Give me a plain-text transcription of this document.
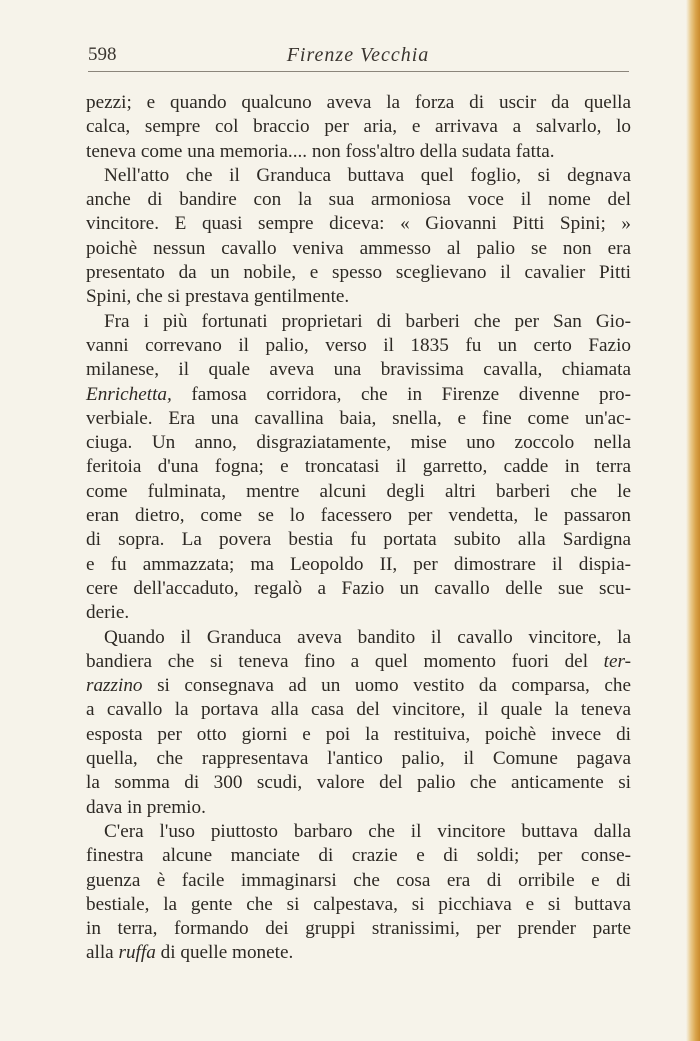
598	Firenze Vecchia

pezzi; e quando qualcuno aveva la forza di uscir da quella
calca, sempre col braccio per aria, e arrivava a salvarlo, lo
teneva come una memoria.... non foss'altro della sudata fatta.

Nell'atto che il Granduca buttava quel foglio, si degnava
anche di bandire con la sua armoniosa voce il nome del
vincitore. E quasi sempre diceva: « Giovanni Pitti Spini; »
poichè nessun cavallo veniva ammesso al palio se non era
presentato da un nobile, e spesso sceglievano il cavalier Pitti
Spini, che si prestava gentilmente.

Fra i più fortunati proprietari di barberi che per San Gio-
vanni correvano il palio, verso il 1835 fu un certo Fazio
milanese, il quale aveva una bravissima cavalla, chiamata
Enrichetta, famosa corridora, che in Firenze divenne pro-
verbiale. Era una cavallina baia, snella, e fine come un'ac-
ciuga. Un anno, disgraziatamente, mise uno zoccolo nella
feritoia d'una fogna; e troncatasi il garretto, cadde in terra
come fulminata, mentre alcuni degli altri barberi che le
eran dietro, come se lo facessero per vendetta, le passaron
di sopra. La povera bestia fu portata subito alla Sardigna
e fu ammazzata; ma Leopoldo II, per dimostrare il dispia-
cere dell'accaduto, regalò a Fazio un cavallo delle sue scu-
derie.

Quando il Granduca aveva bandito il cavallo vincitore, la
bandiera che si teneva fino a quel momento fuori del ter-
razzino si consegnava ad un uomo vestito da comparsa, che
a cavallo la portava alla casa del vincitore, il quale la teneva
esposta per otto giorni e poi la restituiva, poichè invece di
quella, che rappresentava l'antico palio, il Comune pagava
la somma di 300 scudi, valore del palio che anticamente si
dava in premio.

C'era l'uso piuttosto barbaro che il vincitore buttava dalla
finestra alcune manciate di crazie e di soldi; per conse-
guenza è facile immaginarsi che cosa era di orribile e di
bestiale, la gente che si calpestava, si picchiava e si buttava
in terra, formando dei gruppi stranissimi, per prender parte
alla ruffa di quelle monete.
